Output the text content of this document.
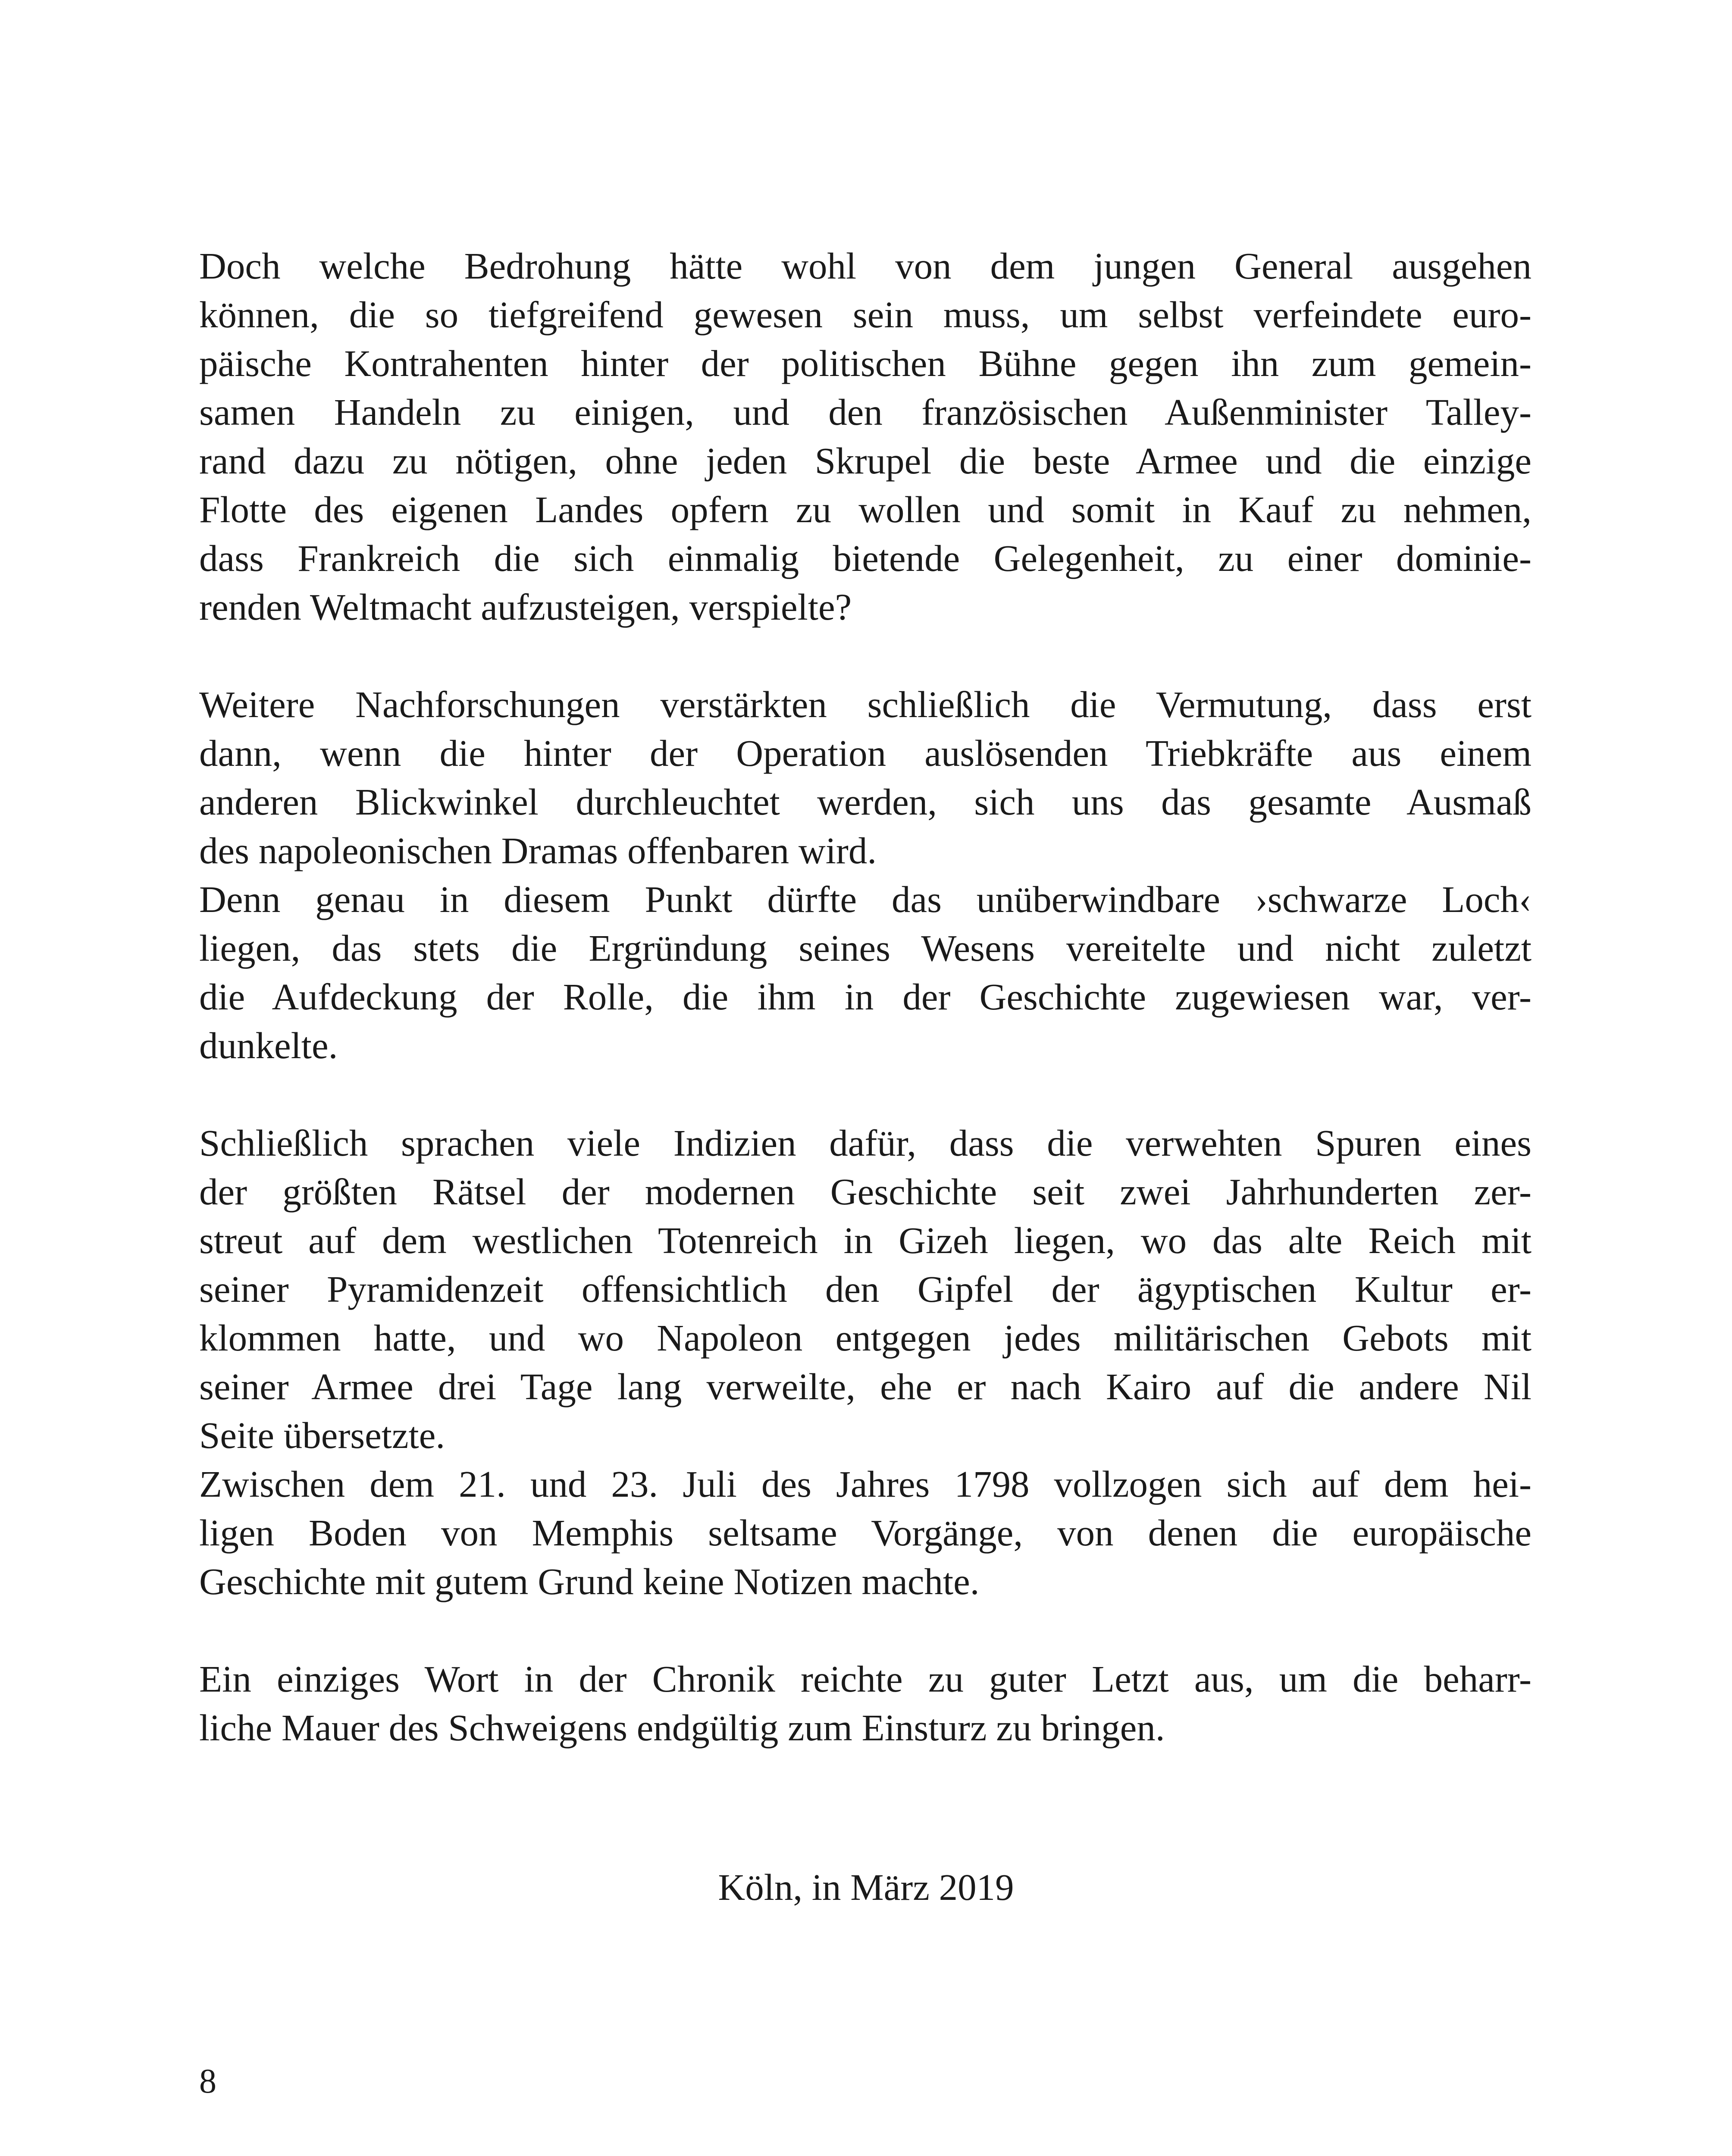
Doch welche Bedrohung hätte wohl von dem jungen General ausgehen
können, die so tiefgreifend gewesen sein muss, um selbst verfeindete euro-
päische Kontrahenten hinter der politischen Bühne gegen ihn zum gemein-
samen Handeln zu einigen, und den französischen Außenminister Talley-
rand dazu zu nötigen, ohne jeden Skrupel die beste Armee und die einzige
Flotte des eigenen Landes opfern zu wollen und somit in Kauf zu nehmen,
dass Frankreich die sich einmalig bietende Gelegenheit, zu einer dominie-
renden Weltmacht aufzusteigen, verspielte?
Weitere Nachforschungen verstärkten schließlich die Vermutung, dass erst
dann, wenn die hinter der Operation auslösenden Triebkräfte aus einem
anderen Blickwinkel durchleuchtet werden, sich uns das gesamte Ausmaß
des napoleonischen Dramas offenbaren wird.
Denn genau in diesem Punkt dürfte das unüberwindbare ›schwarze Loch‹
liegen, das stets die Ergründung seines Wesens vereitelte und nicht zuletzt
die Aufdeckung der Rolle, die ihm in der Geschichte zugewiesen war, ver-
dunkelte.
Schließlich sprachen viele Indizien dafür, dass die verwehten Spuren eines
der größten Rätsel der modernen Geschichte seit zwei Jahrhunderten zer-
streut auf dem westlichen Totenreich in Gizeh liegen, wo das alte Reich mit
seiner Pyramidenzeit offensichtlich den Gipfel der ägyptischen Kultur er-
klommen hatte, und wo Napoleon entgegen jedes militärischen Gebots mit
seiner Armee drei Tage lang verweilte, ehe er nach Kairo auf die andere Nil
Seite übersetzte.
Zwischen dem 21. und 23. Juli des Jahres 1798 vollzogen sich auf dem hei-
ligen Boden von Memphis seltsame Vorgänge, von denen die europäische
Geschichte mit gutem Grund keine Notizen machte.
Ein einziges Wort in der Chronik reichte zu guter Letzt aus, um die beharr-
liche Mauer des Schweigens endgültig zum Einsturz zu bringen.
Köln, in März 2019
8
